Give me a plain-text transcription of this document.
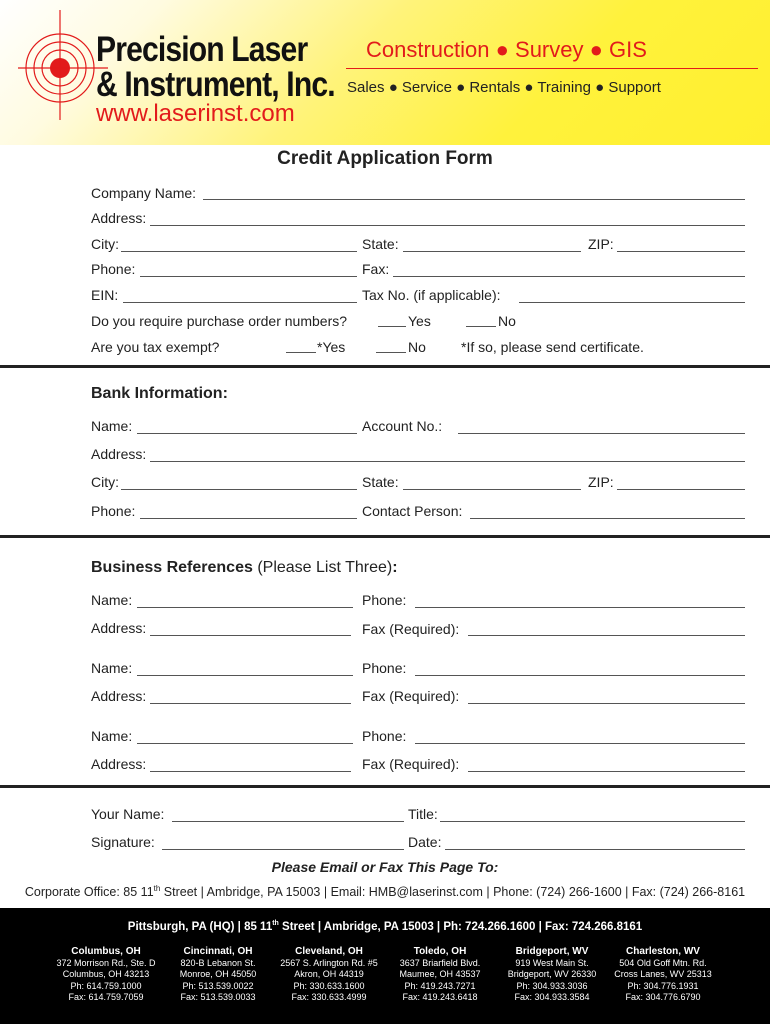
Precision Laser
& Instrument, Inc.
www.laserinst.com
Construction ● Survey ● GIS
Sales ● Service ● Rentals ● Training ● Support
Credit Application Form
Company Name:
Address:
City:	State:	ZIP:
Phone:	Fax:
EIN:	Tax No. (if applicable):
Do you require purchase order numbers?	Yes	No
Are you tax exempt?	*Yes	No	*If so, please send certificate.
Bank Information:
Name:	Account No.:
Address:
City:	State:	ZIP:
Phone:	Contact Person:
Business References (Please List Three):
Name:	Phone:
Address:	Fax (Required):
Name:	Phone:
Address:	Fax (Required):
Name:	Phone:
Address:	Fax (Required):
Your Name:	Title:
Signature:	Date:
Please Email or Fax This Page To:
Corporate Office: 85 11th Street | Ambridge, PA 15003 | Email: HMB@laserinst.com | Phone: (724) 266-1600 | Fax: (724) 266-8161
Pittsburgh, PA (HQ) | 85 11th Street | Ambridge, PA 15003 | Ph: 724.266.1600 | Fax: 724.266.8161
Columbus, OH
372 Morrison Rd., Ste. D
Columbus, OH 43213
Ph: 614.759.1000
Fax: 614.759.7059
Cincinnati, OH
820-B Lebanon St.
Monroe, OH 45050
Ph: 513.539.0022
Fax: 513.539.0033
Cleveland, OH
2567 S. Arlington Rd. #5
Akron, OH 44319
Ph: 330.633.1600
Fax: 330.633.4999
Toledo, OH
3637 Briarfield Blvd.
Maumee, OH 43537
Ph: 419.243.7271
Fax: 419.243.6418
Bridgeport, WV
919 West Main St.
Bridgeport, WV 26330
Ph: 304.933.3036
Fax: 304.933.3584
Charleston, WV
504 Old Goff Mtn. Rd.
Cross Lanes, WV 25313
Ph: 304.776.1931
Fax: 304.776.6790
